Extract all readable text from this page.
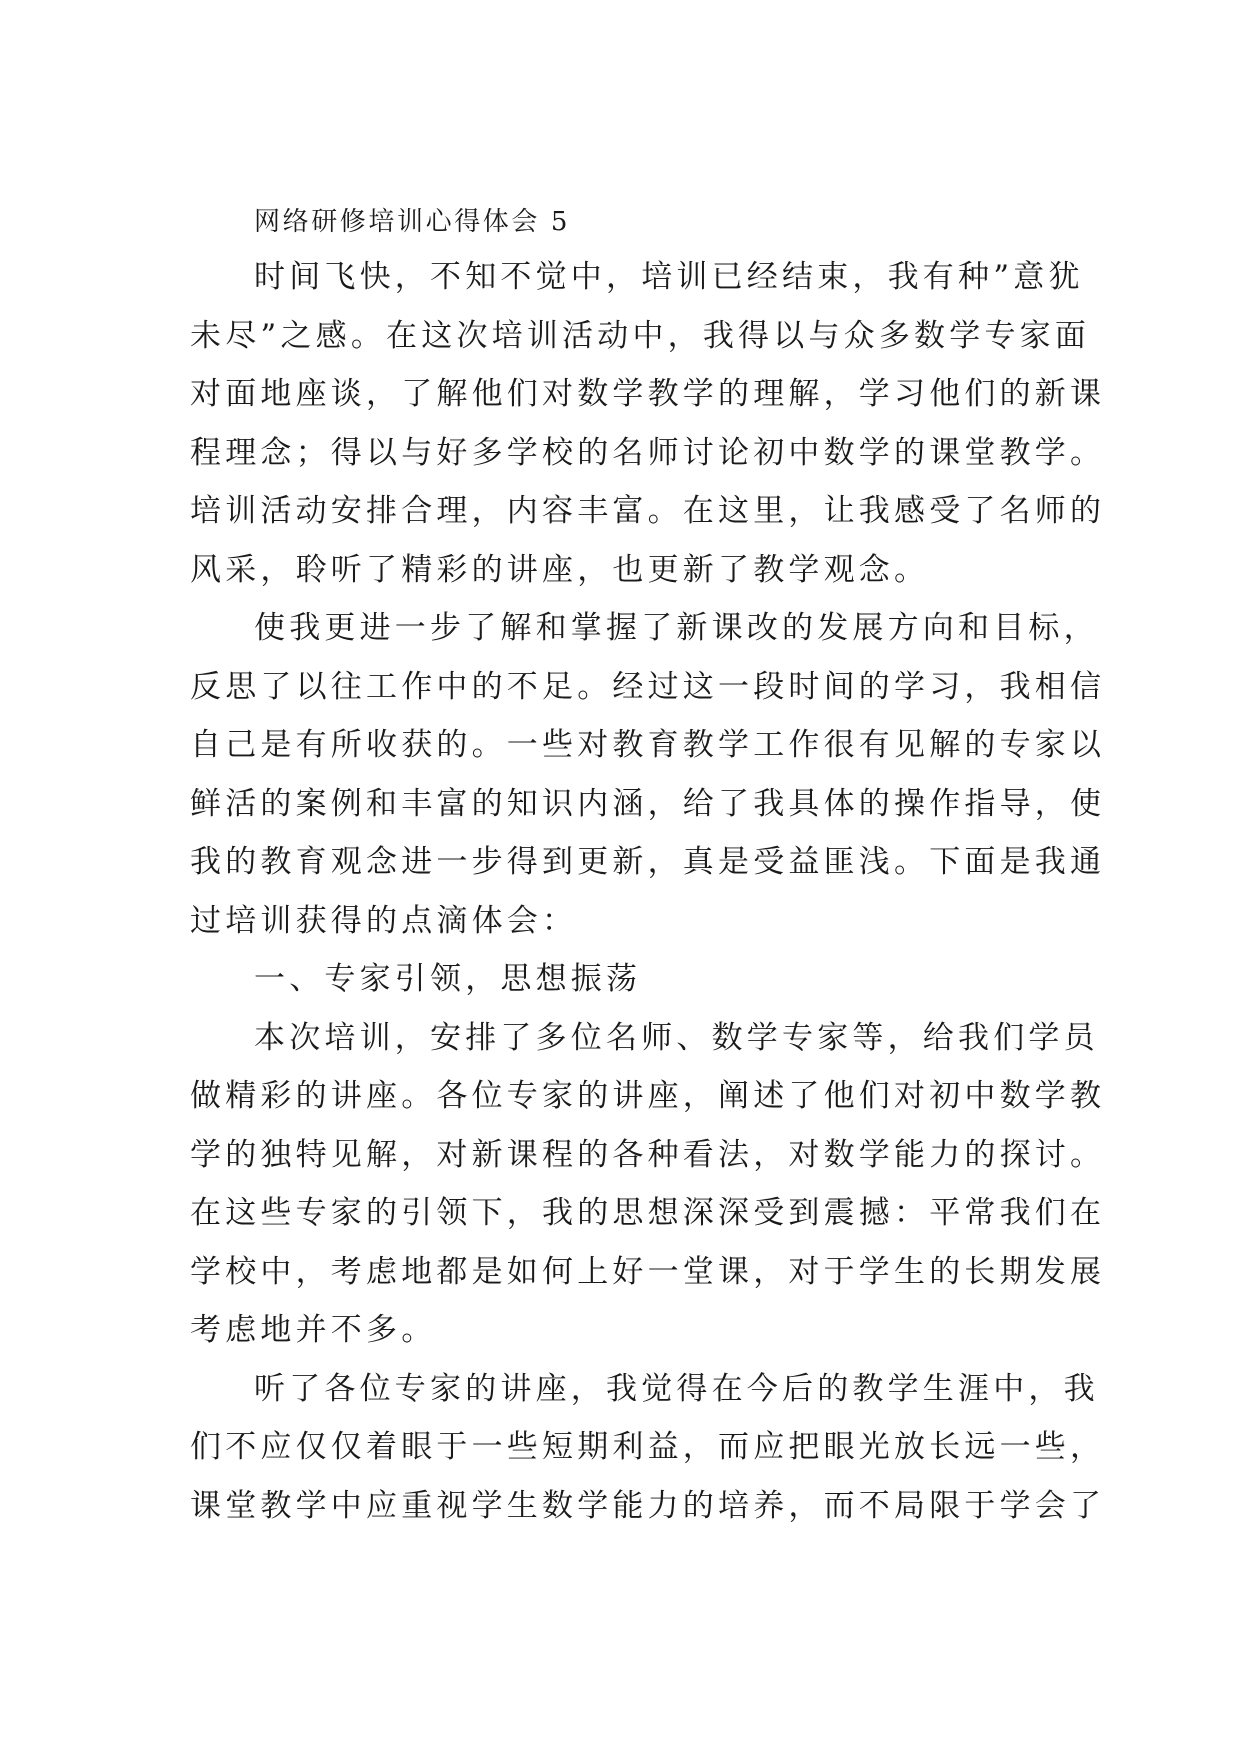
网络研修培训心得体会 5
时间飞快，不知不觉中，培训已经结束，我有种”意犹
未尽”之感。在这次培训活动中，我得以与众多数学专家面
对面地座谈，了解他们对数学教学的理解，学习他们的新课
程理念；得以与好多学校的名师讨论初中数学的课堂教学。
培训活动安排合理，内容丰富。在这里，让我感受了名师的
风采，聆听了精彩的讲座，也更新了教学观念。
使我更进一步了解和掌握了新课改的发展方向和目标，
反思了以往工作中的不足。经过这一段时间的学习，我相信
自己是有所收获的。一些对教育教学工作很有见解的专家以
鲜活的案例和丰富的知识内涵，给了我具体的操作指导，使
我的教育观念进一步得到更新，真是受益匪浅。下面是我通
过培训获得的点滴体会：
一、专家引领，思想振荡
本次培训，安排了多位名师、数学专家等，给我们学员
做精彩的讲座。各位专家的讲座，阐述了他们对初中数学教
学的独特见解，对新课程的各种看法，对数学能力的探讨。
在这些专家的引领下，我的思想深深受到震撼：平常我们在
学校中，考虑地都是如何上好一堂课，对于学生的长期发展
考虑地并不多。
听了各位专家的讲座，我觉得在今后的教学生涯中，我
们不应仅仅着眼于一些短期利益，而应把眼光放长远一些，
课堂教学中应重视学生数学能力的培养，而不局限于学会了
